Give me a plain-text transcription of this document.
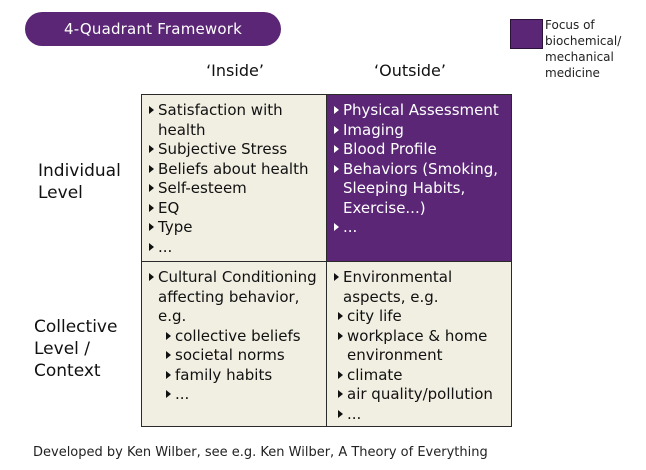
4-Quadrant Framework	Focus of biochemical/ mechanical medicine
‘Inside’	‘Outside’
Individual Level
Collective Level / Context
Satisfaction with health
Subjective Stress
Beliefs about health
Self-esteem
EQ
Type
...
Physical Assessment
Imaging
Blood Profile
Behaviors (Smoking, Sleeping Habits, Exercise...)
...
Cultural Conditioning affecting behavior, e.g.
collective beliefs
societal norms
family habits
...
Environmental aspects, e.g.
city life
workplace & home environment
climate
air quality/pollution
...
Developed by Ken Wilber, see e.g. Ken Wilber, A Theory of Everything
